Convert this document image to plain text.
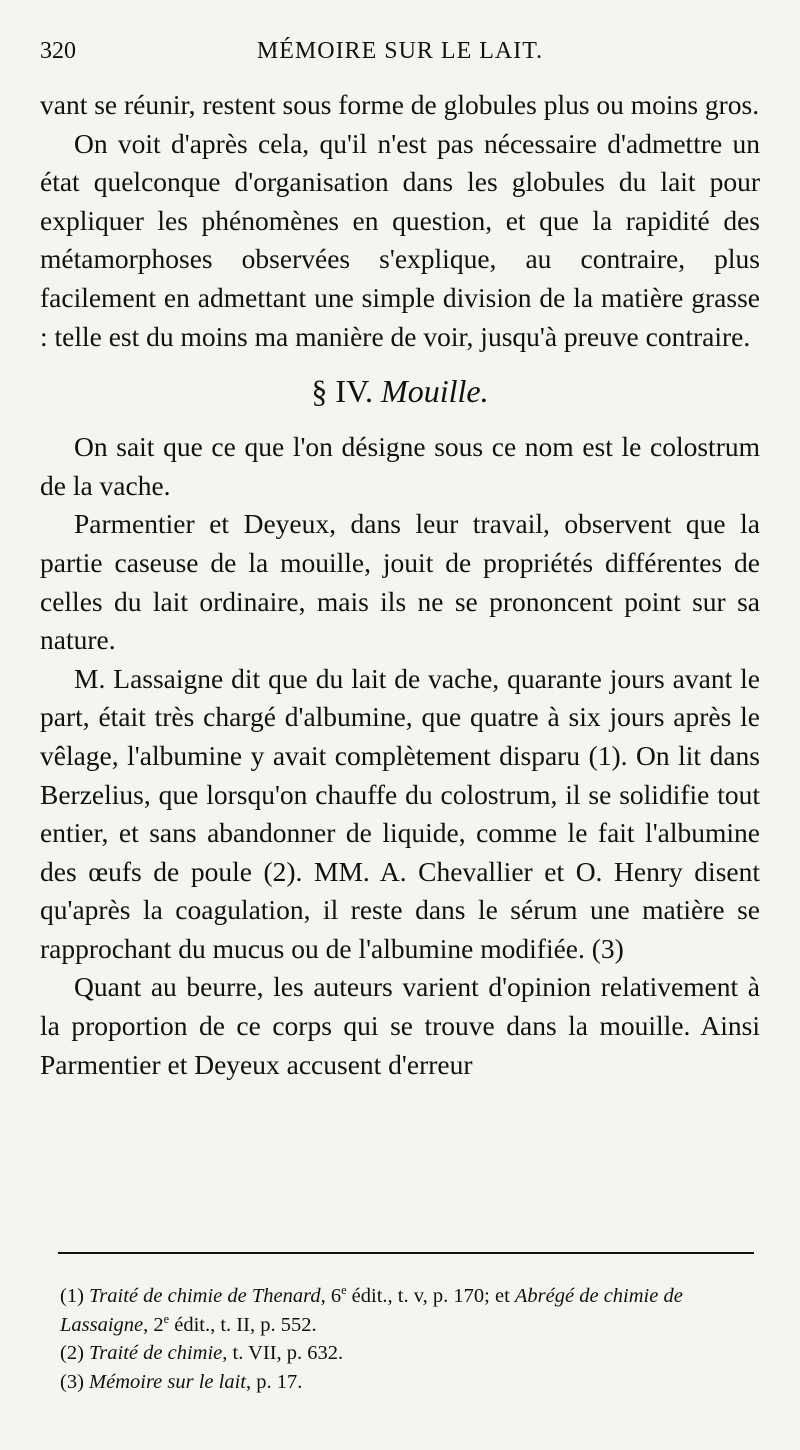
320	MÉMOIRE SUR LE LAIT.

vant se réunir, restent sous forme de globules plus ou moins gros.

On voit d'après cela, qu'il n'est pas nécessaire d'admettre un état quelconque d'organisation dans les globules du lait pour expliquer les phénomènes en question, et que la rapidité des métamorphoses observées s'explique, au contraire, plus facilement en admettant une simple division de la matière grasse : telle est du moins ma manière de voir, jusqu'à preuve contraire.

§ IV. Mouille.

On sait que ce que l'on désigne sous ce nom est le colostrum de la vache.

Parmentier et Deyeux, dans leur travail, observent que la partie caseuse de la mouille, jouit de propriétés différentes de celles du lait ordinaire, mais ils ne se prononcent point sur sa nature.

M. Lassaigne dit que du lait de vache, quarante jours avant le part, était très chargé d'albumine, que quatre à six jours après le vêlage, l'albumine y avait complètement disparu (1). On lit dans Berzelius, que lorsqu'on chauffe du colostrum, il se solidifie tout entier, et sans abandonner de liquide, comme le fait l'albumine des œufs de poule (2). MM. A. Chevallier et O. Henry disent qu'après la coagulation, il reste dans le sérum une matière se rapprochant du mucus ou de l'albumine modifiée. (3)

Quant au beurre, les auteurs varient d'opinion relativement à la proportion de ce corps qui se trouve dans la mouille. Ainsi Parmentier et Deyeux accusent d'erreur

(1) Traité de chimie de Thenard, 6e édit., t. v, p. 170; et Abrégé de chimie de Lassaigne, 2e édit., t. II, p. 552.

(2) Traité de chimie, t. VII, p. 632.

(3) Mémoire sur le lait, p. 17.
